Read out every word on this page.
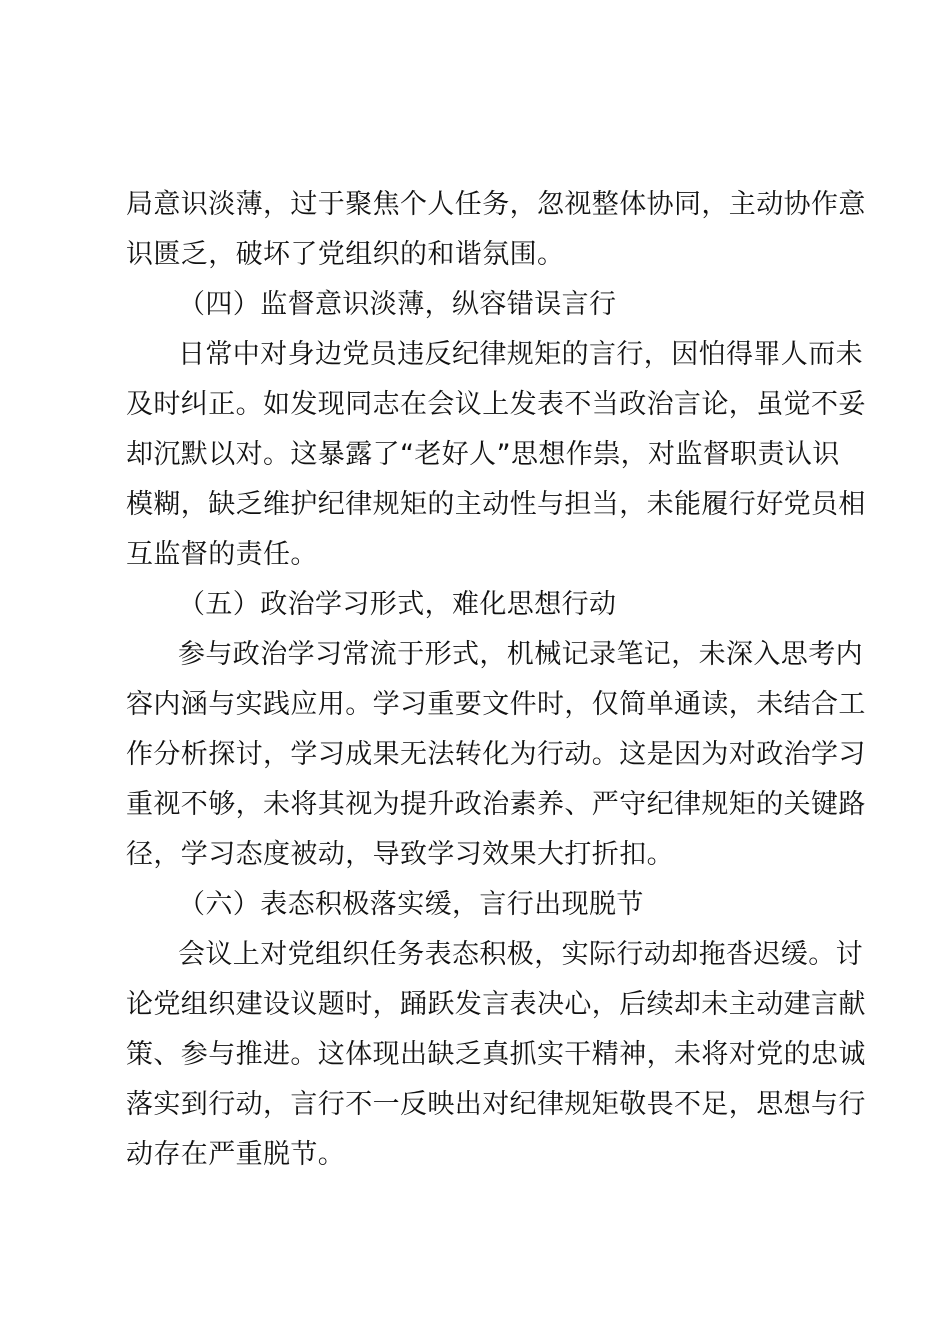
局意识淡薄，过于聚焦个人任务，忽视整体协同，主动协作意
识匮乏，破坏了党组织的和谐氛围。
（四）监督意识淡薄，纵容错误言行
日常中对身边党员违反纪律规矩的言行，因怕得罪人而未
及时纠正。如发现同志在会议上发表不当政治言论，虽觉不妥
却沉默以对。这暴露了“老好人”思想作祟，对监督职责认识
模糊，缺乏维护纪律规矩的主动性与担当，未能履行好党员相
互监督的责任。
（五）政治学习形式，难化思想行动
参与政治学习常流于形式，机械记录笔记，未深入思考内
容内涵与实践应用。学习重要文件时，仅简单通读，未结合工
作分析探讨，学习成果无法转化为行动。这是因为对政治学习
重视不够，未将其视为提升政治素养、严守纪律规矩的关键路
径，学习态度被动，导致学习效果大打折扣。
（六）表态积极落实缓，言行出现脱节
会议上对党组织任务表态积极，实际行动却拖沓迟缓。讨
论党组织建设议题时，踊跃发言表决心，后续却未主动建言献
策、参与推进。这体现出缺乏真抓实干精神，未将对党的忠诚
落实到行动，言行不一反映出对纪律规矩敬畏不足，思想与行
动存在严重脱节。
